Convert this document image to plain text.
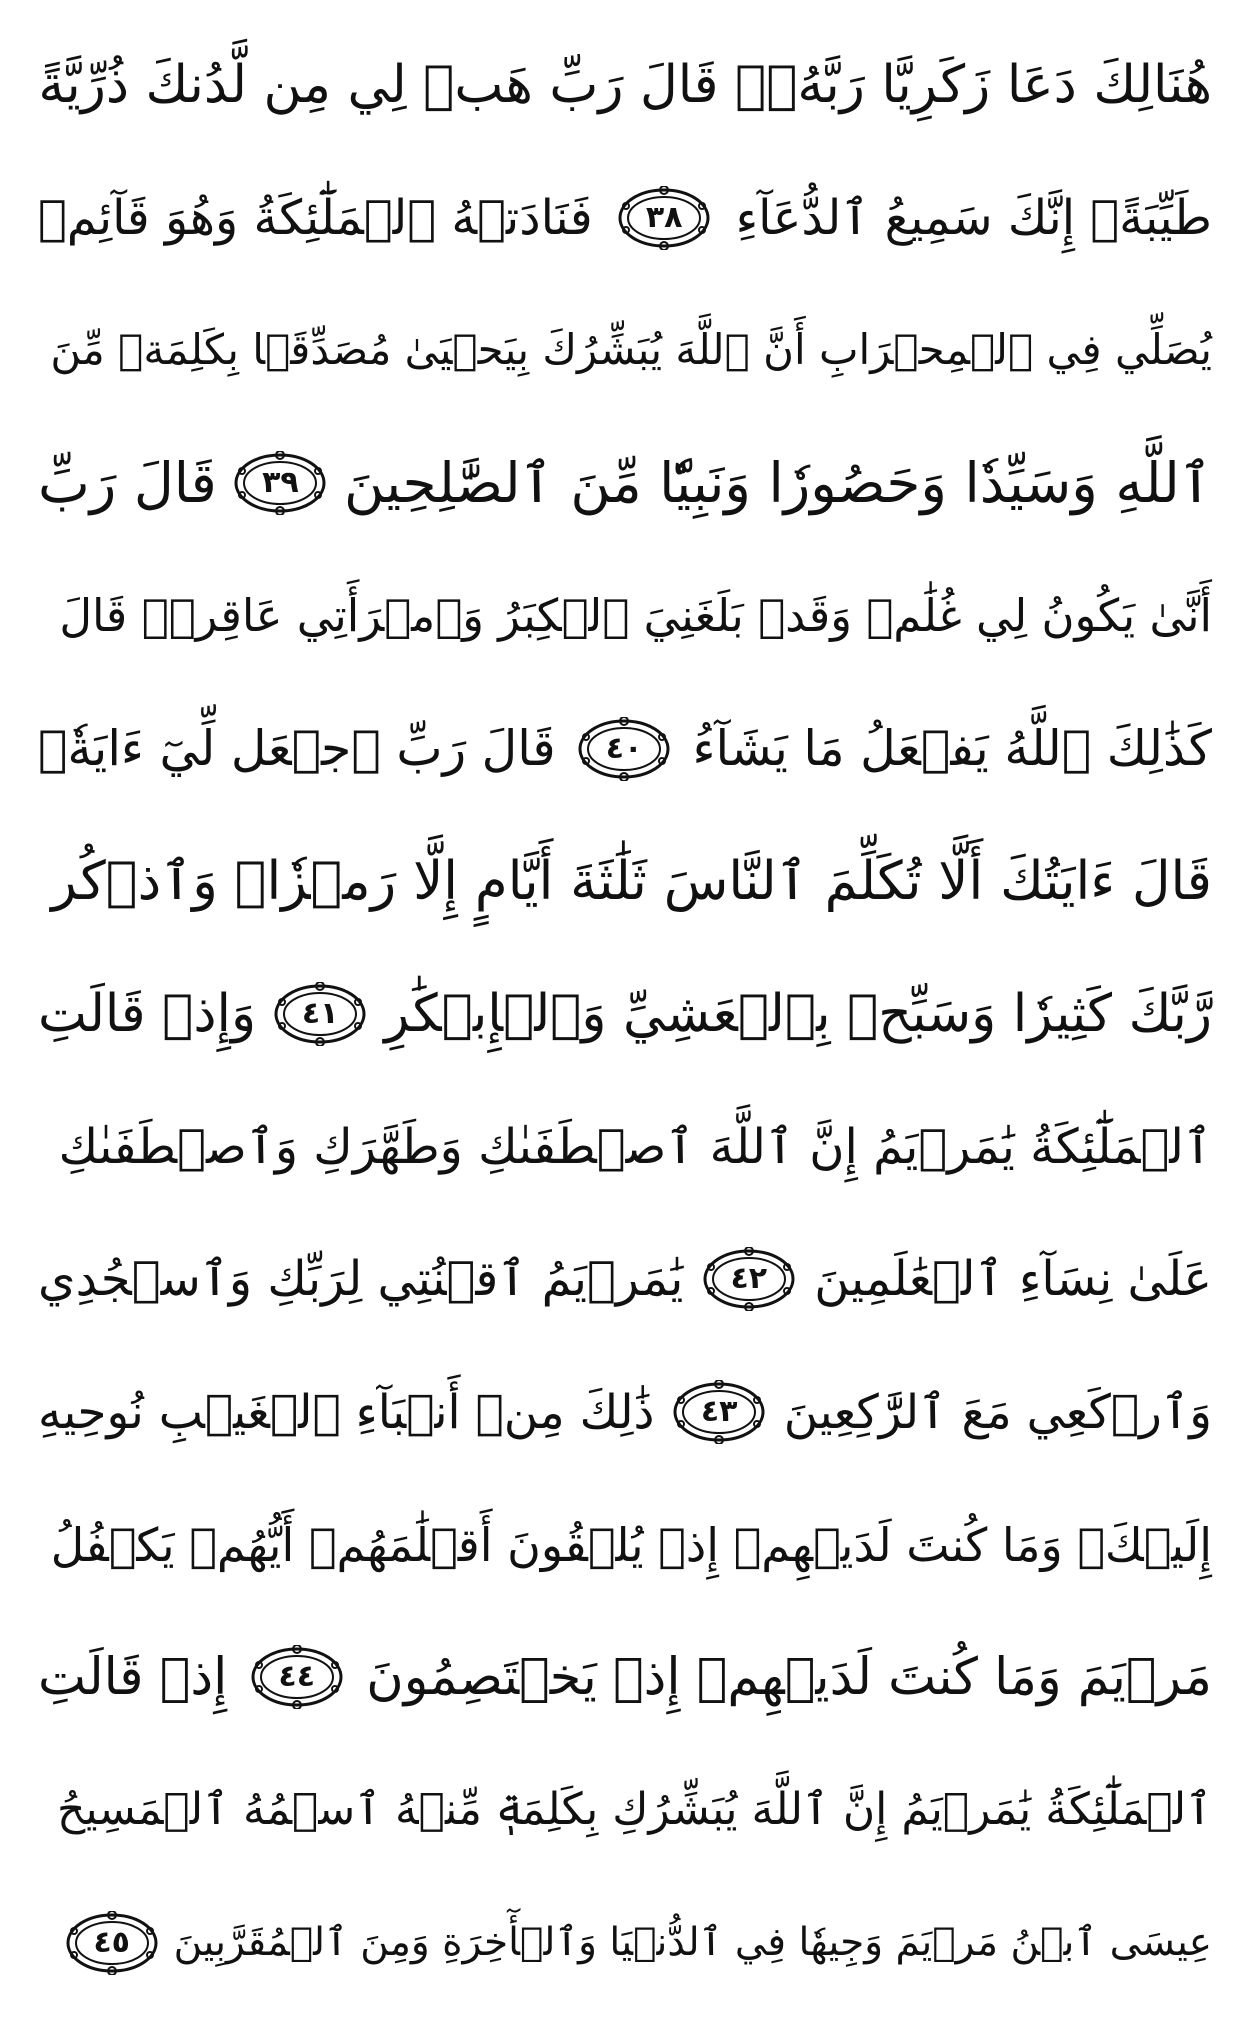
هُنَالِكَ دَعَا زَكَرِيَّا رَبَّهُۥۖ قَالَ رَبِّ هَبۡ لِي مِن لَّدُنكَ ذُرِّيَّةً
طَيِّبَةًۖ إِنَّكَ سَمِيعُ ٱلدُّعَآءِ
٣٨
فَنَادَتۡهُ ٱلۡمَلَٰٓئِكَةُ وَهُوَ قَآئِمٞ
يُصَلِّي فِي ٱلۡمِحۡرَابِ أَنَّ ٱللَّهَ يُبَشِّرُكَ بِيَحۡيَىٰ مُصَدِّقَۢا بِكَلِمَةٖ مِّنَ
ٱللَّهِ وَسَيِّدٗا وَحَصُورٗا وَنَبِيّٗا مِّنَ ٱلصَّٰلِحِينَ
٣٩
قَالَ رَبِّ
أَنَّىٰ يَكُونُ لِي غُلَٰمٞ وَقَدۡ بَلَغَنِيَ ٱلۡكِبَرُ وَٱمۡرَأَتِي عَاقِرٞۖ قَالَ
كَذَٰلِكَ ٱللَّهُ يَفۡعَلُ مَا يَشَآءُ
٤٠
قَالَ رَبِّ ٱجۡعَل لِّيٓ ءَايَةٗۖ
قَالَ ءَايَتُكَ أَلَّا تُكَلِّمَ ٱلنَّاسَ ثَلَٰثَةَ أَيَّامٍ إِلَّا رَمۡزٗاۗ وَٱذۡكُر
رَّبَّكَ كَثِيرٗا وَسَبِّحۡ بِٱلۡعَشِيِّ وَٱلۡإِبۡكَٰرِ
٤١
وَإِذۡ قَالَتِ
ٱلۡمَلَٰٓئِكَةُ يَٰمَرۡيَمُ إِنَّ ٱللَّهَ ٱصۡطَفَىٰكِ وَطَهَّرَكِ وَٱصۡطَفَىٰكِ
عَلَىٰ نِسَآءِ ٱلۡعَٰلَمِينَ
٤٢
يَٰمَرۡيَمُ ٱقۡنُتِي لِرَبِّكِ وَٱسۡجُدِي
وَٱرۡكَعِي مَعَ ٱلرَّٰكِعِينَ
٤٣
ذَٰلِكَ مِنۡ أَنۢبَآءِ ٱلۡغَيۡبِ نُوحِيهِ
إِلَيۡكَۚ وَمَا كُنتَ لَدَيۡهِمۡ إِذۡ يُلۡقُونَ أَقۡلَٰمَهُمۡ أَيُّهُمۡ يَكۡفُلُ
مَرۡيَمَ وَمَا كُنتَ لَدَيۡهِمۡ إِذۡ يَخۡتَصِمُونَ
٤٤
إِذۡ قَالَتِ
ٱلۡمَلَٰٓئِكَةُ يَٰمَرۡيَمُ إِنَّ ٱللَّهَ يُبَشِّرُكِ بِكَلِمَةٖ مِّنۡهُ ٱسۡمُهُ ٱلۡمَسِيحُ
عِيسَى ٱبۡنُ مَرۡيَمَ وَجِيهٗا فِي ٱلدُّنۡيَا وَٱلۡأٓخِرَةِ وَمِنَ ٱلۡمُقَرَّبِينَ
٤٥
